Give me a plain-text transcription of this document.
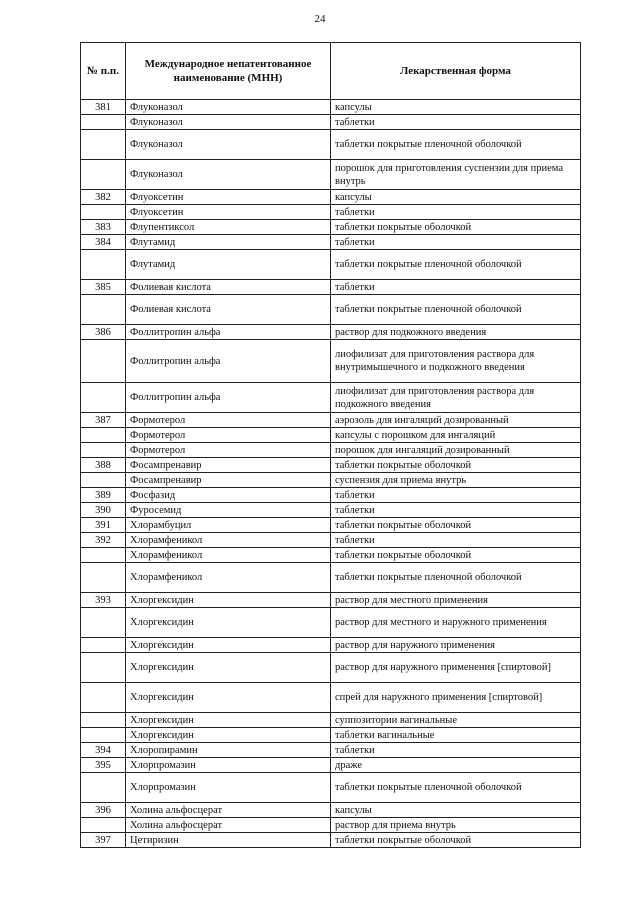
24
№ п.п.	Международное непатентованное наименование (МНН)	Лекарственная форма
381	Флуконазол	капсулы
	Флуконазол	таблетки
	Флуконазол	таблетки покрытые пленочной оболочкой
	Флуконазол	порошок для приготовления суспензии для приема внутрь
382	Флуоксетин	капсулы
	Флуоксетин	таблетки
383	Флупентиксол	таблетки покрытые оболочкой
384	Флутамид	таблетки
	Флутамид	таблетки покрытые пленочной оболочкой
385	Фолиевая кислота	таблетки
	Фолиевая кислота	таблетки покрытые пленочной оболочкой
386	Фоллитропин альфа	раствор для подкожного введения
	Фоллитропин альфа	лиофилизат для приготовления раствора для внутримышечного и подкожного введения
	Фоллитропин альфа	лиофилизат для приготовления раствора для подкожного введения
387	Формотерол	аэрозоль для ингаляций дозированный
	Формотерол	капсулы с порошком для ингаляций
	Формотерол	порошок для ингаляций дозированный
388	Фосампренавир	таблетки покрытые оболочкой
	Фосампренавир	суспензия для приема внутрь
389	Фосфазид	таблетки
390	Фуросемид	таблетки
391	Хлорамбуцил	таблетки покрытые оболочкой
392	Хлорамфеникол	таблетки
	Хлорамфеникол	таблетки покрытые оболочкой
	Хлорамфеникол	таблетки покрытые пленочной оболочкой
393	Хлоргексидин	раствор для местного применения
	Хлоргексидин	раствор для местного и наружного применения
	Хлоргексидин	раствор для наружного применения
	Хлоргексидин	раствор для наружного применения [спиртовой]
	Хлоргексидин	спрей для наружного применения [спиртовой]
	Хлоргексидин	суппозитории вагинальные
	Хлоргексидин	таблетки вагинальные
394	Хлоропирамин	таблетки
395	Хлорпромазин	драже
	Хлорпромазин	таблетки покрытые пленочной оболочкой
396	Холина альфосцерат	капсулы
	Холина альфосцерат	раствор для приема внутрь
397	Цетиризин	таблетки покрытые оболочкой
